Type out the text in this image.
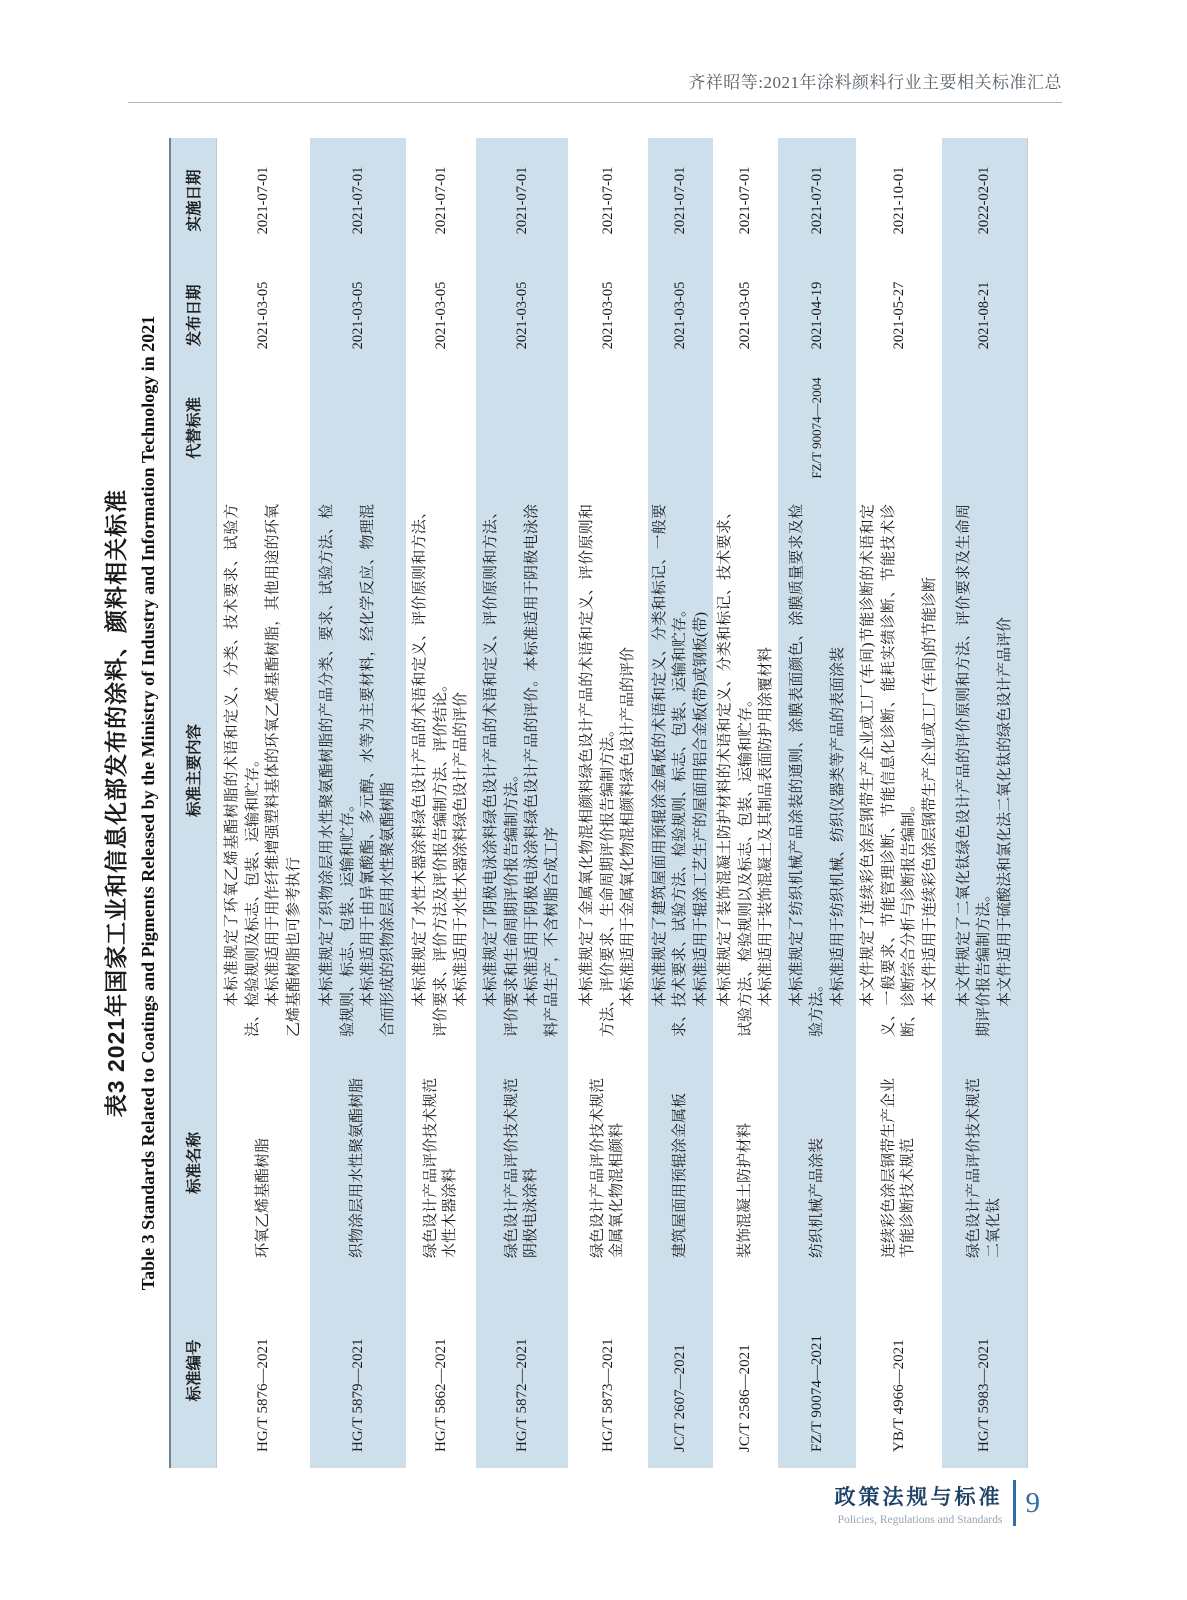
齐祥昭等:2021年涂料颜料行业主要相关标准汇总
表3 2021年国家工业和信息化部发布的涂料、颜料相关标准 Table 3 Standards Related to Coatings and Pigments Released by the Ministry of Industry and Information Technology in 2021
标准编号	标准名称	标准主要内容	代替标准	发布日期	实施日期
HG/T 5876—2021	环氧乙烯基酯树脂	本标准规定了环氧乙烯基酯树脂的术语和定义、分类、技术要求、试验方法、检验规则及标志、包装、运输和贮存。 本标准适用于用作纤维增强塑料基体的环氧乙烯基酯树脂，其他用途的环氧乙烯基酯树脂也可参考执行		2021-03-05	2021-07-01
HG/T 5879—2021	织物涂层用水性聚氨酯树脂	本标准规定了织物涂层用水性聚氨酯树脂的产品分类、要求、试验方法、检验规则、标志、包装、运输和贮存。 本标准适用于由异氰酸酯、多元醇、水等为主要材料，经化学反应、物理混合而形成的织物涂层用水性聚氨酯树脂		2021-03-05	2021-07-01
HG/T 5862—2021	绿色设计产品评价技术规范 水性木器涂料	本标准规定了水性木器涂料绿色设计产品的术语和定义、评价原则和方法、评价要求、评价方法及评价报告编制方法、评价结论。 本标准适用于水性木器涂料绿色设计产品的评价		2021-03-05	2021-07-01
HG/T 5872—2021	绿色设计产品评价技术规范 阴极电泳涂料	本标准规定了阴极电泳涂料绿色设计产品的术语和定义、评价原则和方法、评价要求和生命周期评价报告编制方法。 本标准适用于阴极电泳涂料绿色设计产品的评价。本标准适用于阴极电泳涂料产品生产，不含树脂合成工序		2021-03-05	2021-07-01
HG/T 5873—2021	绿色设计产品评价技术规范 金属氧化物混相颜料	本标准规定了金属氧化物混相颜料绿色设计产品的术语和定义、评价原则和方法、评价要求、生命周期评价报告编制方法。 本标准适用于金属氧化物混相颜料绿色设计产品的评价		2021-03-05	2021-07-01
JC/T 2607—2021	建筑屋面用预辊涂金属板	本标准规定了建筑屋面用预辊涂金属板的术语和定义、分类和标记、一般要求、技术要求、试验方法、检验规则、标志、包装、运输和贮存。 本标准适用于辊涂工艺生产的屋面用铝合金板(带)或钢板(带)		2021-03-05	2021-07-01
JC/T 2586—2021	装饰混凝土防护材料	本标准规定了装饰混凝土防护材料的术语和定义、分类和标记、技术要求、试验方法、检验规则以及标志、包装、运输和贮存。 本标准适用于装饰混凝土及其制品表面防护用涂覆材料		2021-03-05	2021-07-01
FZ/T 90074—2021	纺织机械产品涂装	本标准规定了纺织机械产品涂装的通则、涂膜表面颜色、涂膜质量要求及检验方法。 本标准适用于纺织机械、纺织仪器类等产品的表面涂装	FZ/T 90074—2004	2021-04-19	2021-07-01
YB/T 4966—2021	连续彩色涂层钢带生产企业节能诊断技术规范	本文件规定了连续彩色涂层钢带生产企业或工厂(车间)节能诊断的术语和定义、一般要求、节能管理诊断、节能信息化诊断、能耗实绩诊断、节能技术诊断、诊断综合分析与诊断报告编制。 本文件适用于连续彩色涂层钢带生产企业或工厂(车间)的节能诊断		2021-05-27	2021-10-01
HG/T 5983—2021	绿色设计产品评价技术规范 二氧化钛	本文件规定了二氧化钛绿色设计产品的评价原则和方法、评价要求及生命周期评价报告编制方法。 本文件适用于硫酸法和氯化法二氧化钛的绿色设计产品评价		2021-08-21	2022-02-01
政策法规与标准
Policies, Regulations and Standards
9
